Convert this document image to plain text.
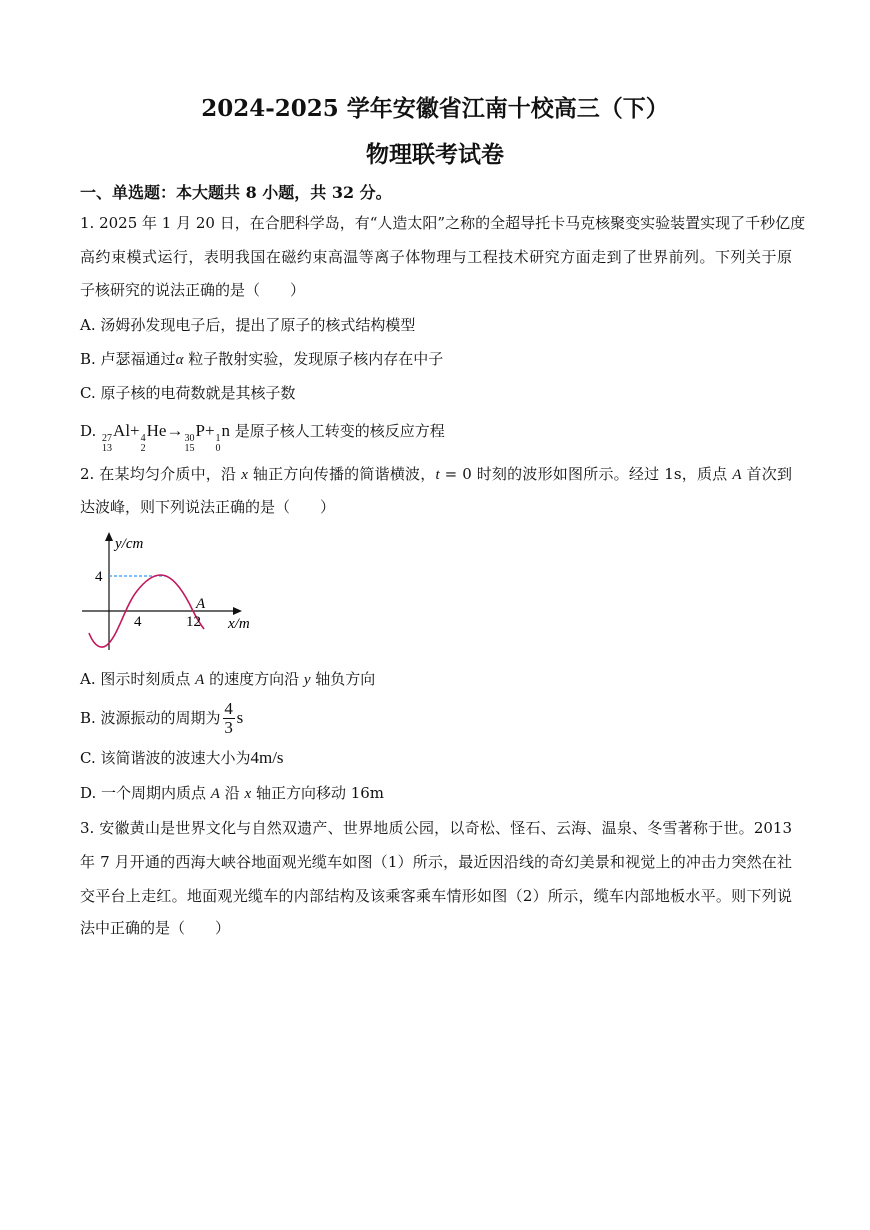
2024-2025 学年安徽省江南十校高三（下）
物理联考试卷
一、单选题：本大题共 8 小题，共 32 分。
1. 2025 年 1 月 20 日，在合肥科学岛，有“人造太阳”之称的全超导托卡马克核聚变实验装置实现了千秒亿度
高约束模式运行，表明我国在磁约束高温等离子体物理与工程技术研究方面走到了世界前列。下列关于原
子核研究的说法正确的是（　　）
A. 汤姆孙发现电子后，提出了原子的核式结构模型
B. 卢瑟福通过α 粒子散射实验，发现原子核内存在中子
C. 原子核的电荷数就是其核子数
D. 27
13
Al+ 4
2
He→ 30
15
P+ 1
0
n 是原子核人工转变的核反应方程
2. 在某均匀介质中，沿 x 轴正方向传播的简谐横波，t = 0 时刻的波形如图所示。经过 1s，质点 A 首次到
达波峰，则下列说法正确的是（　　）
y/cm
4
4	12
A
x/m
A. 图示时刻质点 A 的速度方向沿 y 轴负方向
B. 波源振动的周期为 $\frac{4}{3}$ s
C. 该简谐波的波速大小为4m/s
D. 一个周期内质点 A 沿 x 轴正方向移动 16m
3. 安徽黄山是世界文化与自然双遗产、世界地质公园，以奇松、怪石、云海、温泉、冬雪著称于世。2013
年 7 月开通的西海大峡谷地面观光缆车如图（1）所示，最近因沿线的奇幻美景和视觉上的冲击力突然在社
交平台上走红。地面观光缆车的内部结构及该乘客乘车情形如图（2）所示，缆车内部地板水平。则下列说
法中正确的是（　　）
